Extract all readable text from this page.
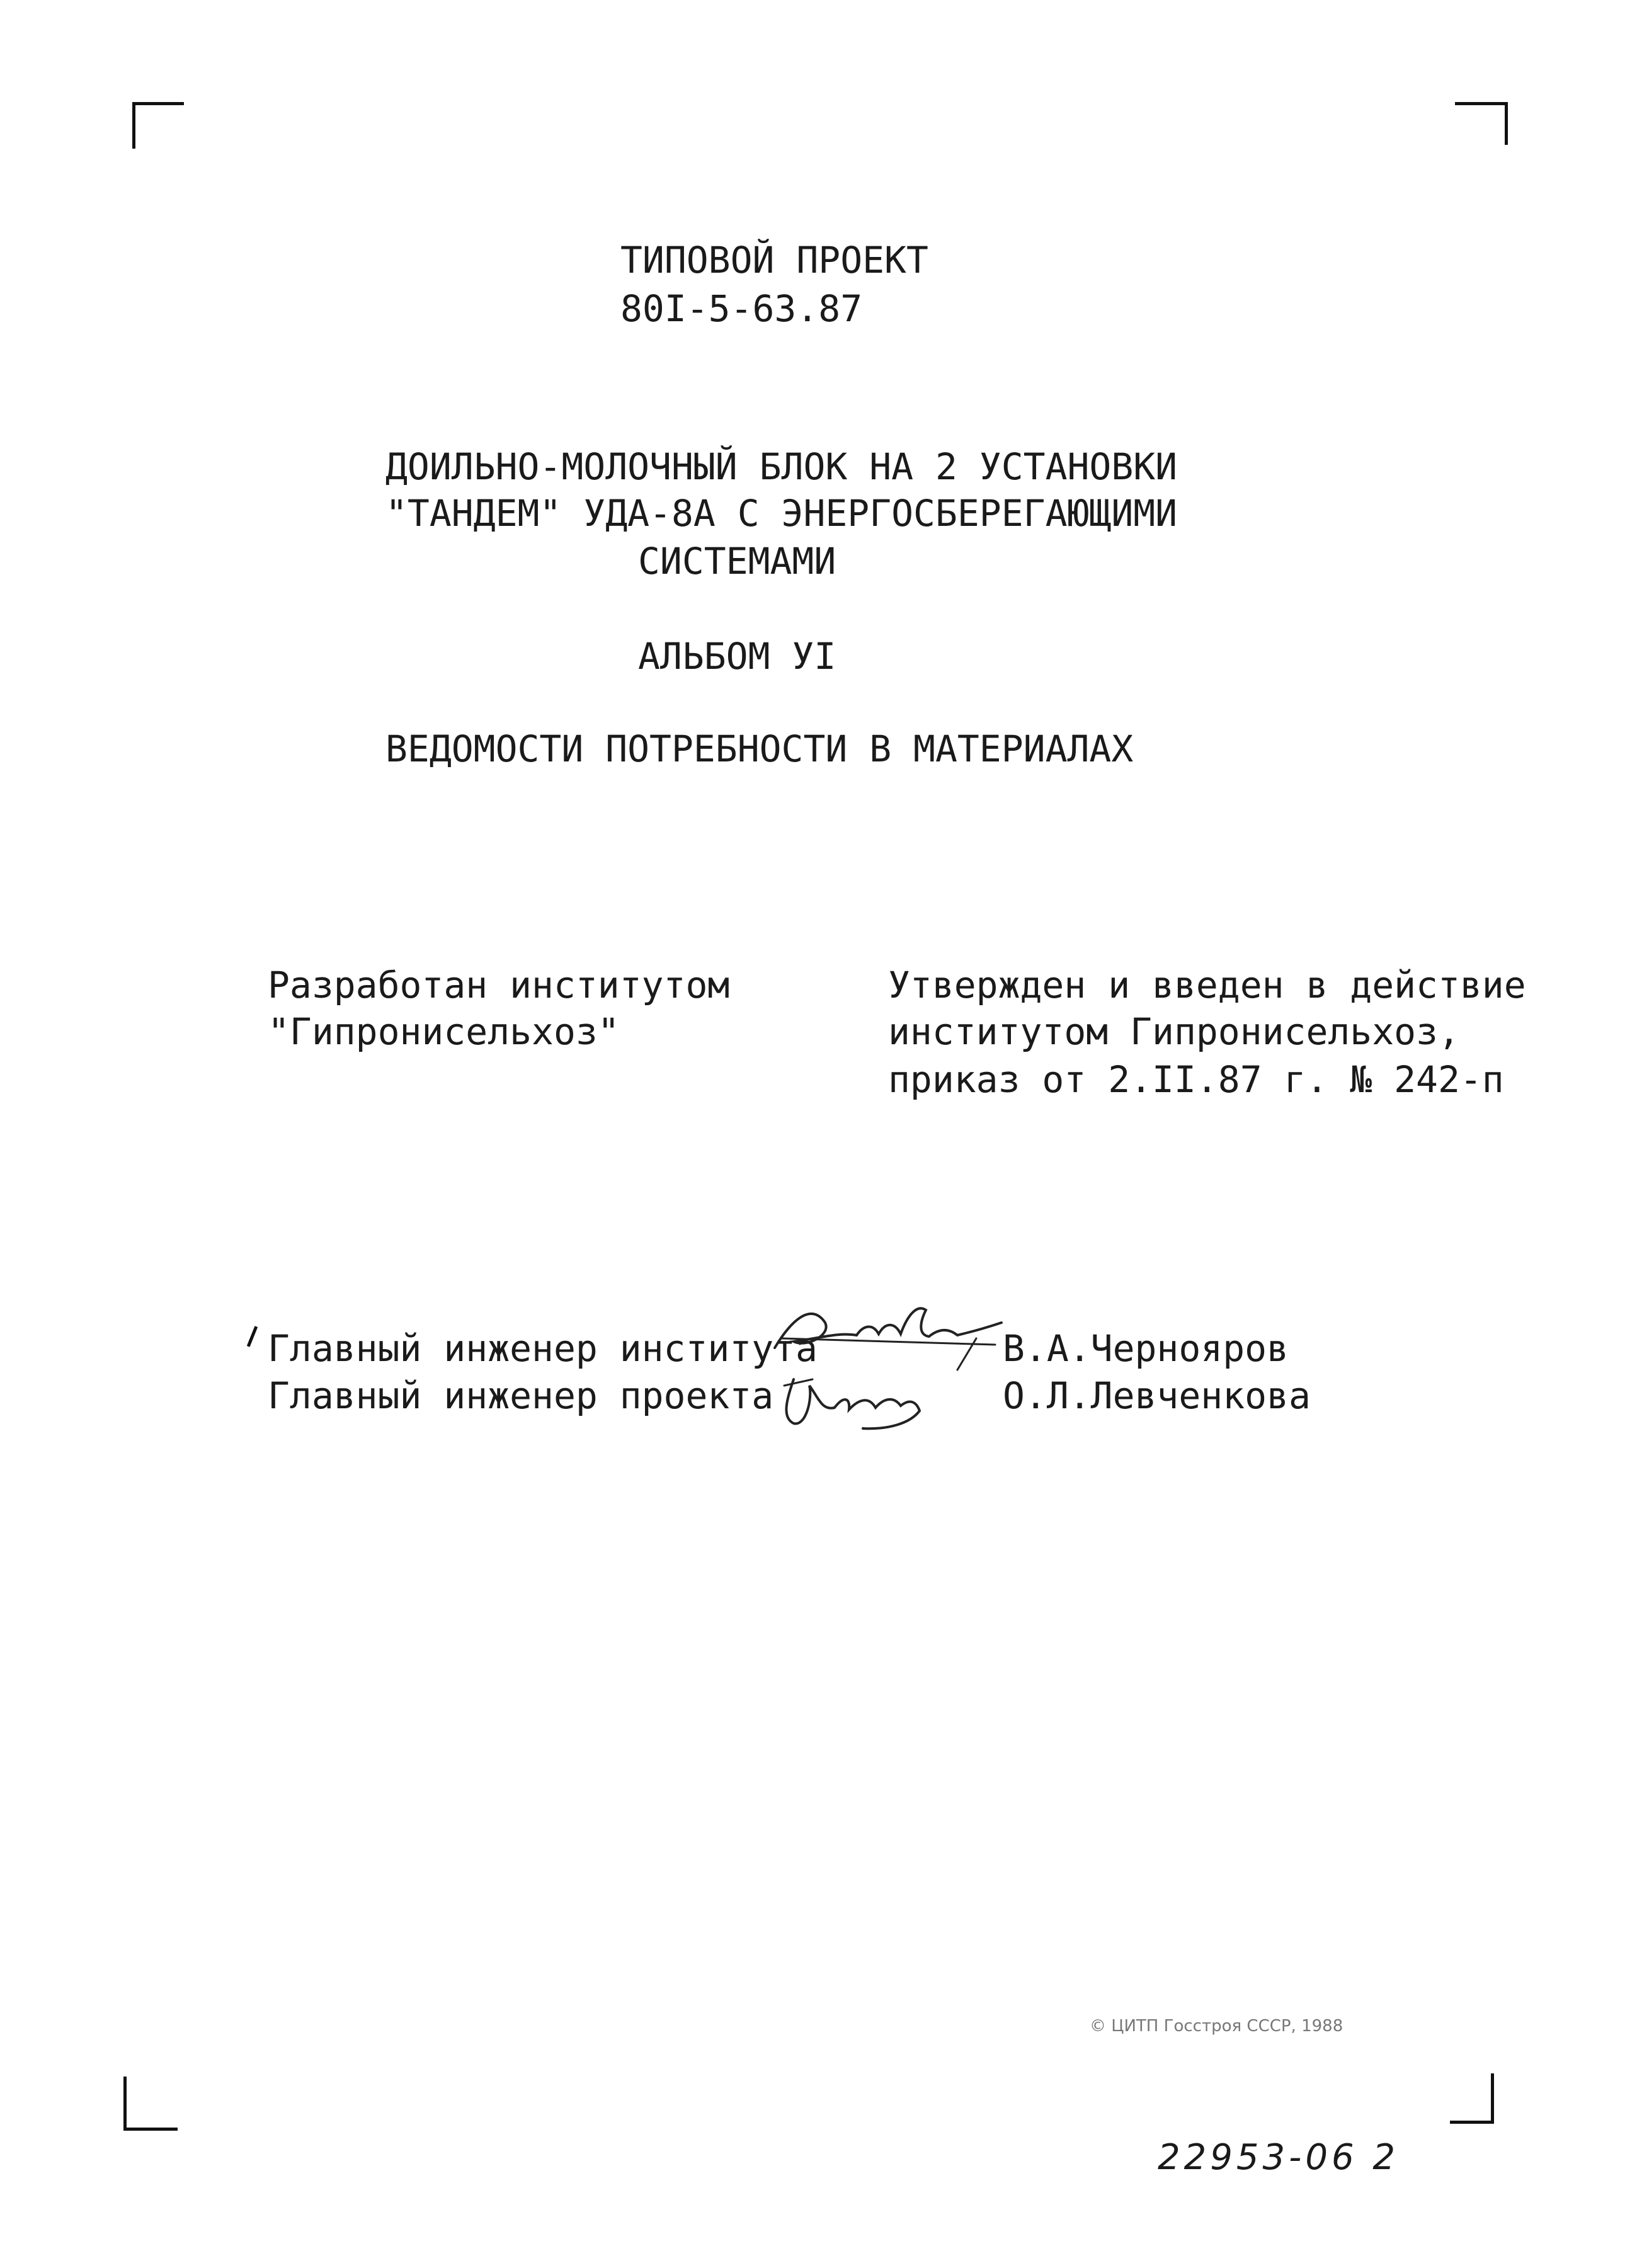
ТИПОВОЙ ПРОЕКТ
80I-5-63.87
ДОИЛЬНО-МОЛОЧНЫЙ БЛОК НА 2 УСТАНОВКИ
"ТАНДЕМ" УДА-8А С ЭНЕРГОСБЕРЕГАЮЩИМИ
СИСТЕМАМИ
АЛЬБОМ УI
ВЕДОМОСТИ ПОТРЕБНОСТИ В МАТЕРИАЛАХ
Разработан институтом
"Гипронисельхоз"
Утвержден и введен в действие
институтом Гипронисельхоз,
приказ от 2.II.87 г. № 242-п
Главный инженер института	В.А.Чернояров
Главный инженер проекта	О.Л.Левченкова
© ЦИТП Госстроя СССР, 1988
22953-06 2
